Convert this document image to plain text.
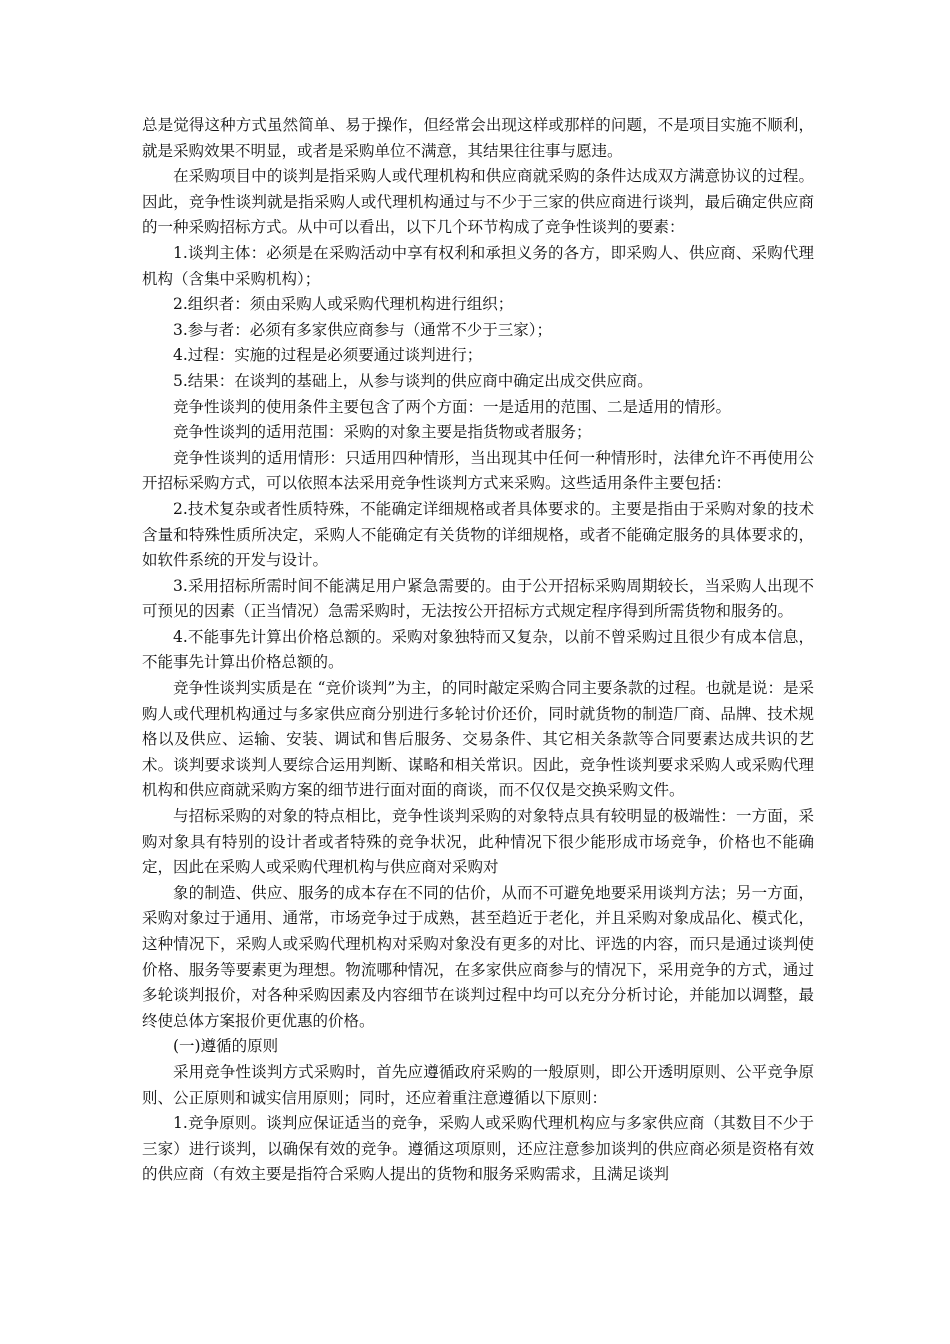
总是觉得这种方式虽然简单、易于操作，但经常会出现这样或那样的问题，不是项目实施不顺利，就是采购效果不明显，或者是采购单位不满意，其结果往往事与愿违。

在采购项目中的谈判是指采购人或代理机构和供应商就采购的条件达成双方满意协议的过程。因此，竞争性谈判就是指采购人或代理机构通过与不少于三家的供应商进行谈判，最后确定供应商的一种采购招标方式。从中可以看出，以下几个环节构成了竞争性谈判的要素：

1.谈判主体：必须是在采购活动中享有权利和承担义务的各方，即采购人、供应商、采购代理机构（含集中采购机构）；

2.组织者：须由采购人或采购代理机构进行组织；

3.参与者：必须有多家供应商参与（通常不少于三家）；

4.过程：实施的过程是必须要通过谈判进行；

5.结果：在谈判的基础上，从参与谈判的供应商中确定出成交供应商。

竞争性谈判的使用条件主要包含了两个方面：一是适用的范围、二是适用的情形。

竞争性谈判的适用范围：采购的对象主要是指货物或者服务；

竞争性谈判的适用情形：只适用四种情形，当出现其中任何一种情形时，法律允许不再使用公开招标采购方式，可以依照本法采用竞争性谈判方式来采购。这些适用条件主要包括：

2.技术复杂或者性质特殊，不能确定详细规格或者具体要求的。主要是指由于采购对象的技术含量和特殊性质所决定，采购人不能确定有关货物的详细规格，或者不能确定服务的具体要求的，如软件系统的开发与设计。

3.采用招标所需时间不能满足用户紧急需要的。由于公开招标采购周期较长，当采购人出现不可预见的因素（正当情况）急需采购时，无法按公开招标方式规定程序得到所需货物和服务的。

4.不能事先计算出价格总额的。采购对象独特而又复杂，以前不曾采购过且很少有成本信息，不能事先计算出价格总额的。

竞争性谈判实质是在 “竞价谈判”为主，的同时敲定采购合同主要条款的过程。也就是说：是采购人或代理机构通过与多家供应商分别进行多轮讨价还价，同时就货物的制造厂商、品牌、技术规格以及供应、运输、安装、调试和售后服务、交易条件、其它相关条款等合同要素达成共识的艺术。谈判要求谈判人要综合运用判断、谋略和相关常识。因此，竞争性谈判要求采购人或采购代理机构和供应商就采购方案的细节进行面对面的商谈，而不仅仅是交换采购文件。

与招标采购的对象的特点相比，竞争性谈判采购的对象特点具有较明显的极端性：一方面，采购对象具有特别的设计者或者特殊的竞争状况，此种情况下很少能形成市场竞争，价格也不能确定，因此在采购人或采购代理机构与供应商对采购对

象的制造、供应、服务的成本存在不同的估价，从而不可避免地要采用谈判方法；另一方面，采购对象过于通用、通常，市场竞争过于成熟，甚至趋近于老化，并且采购对象成品化、模式化，这种情况下，采购人或采购代理机构对采购对象没有更多的对比、评选的内容，而只是通过谈判使价格、服务等要素更为理想。物流哪种情况，在多家供应商参与的情况下，采用竞争的方式，通过多轮谈判报价，对各种采购因素及内容细节在谈判过程中均可以充分分析讨论，并能加以调整，最终使总体方案报价更优惠的价格。

(一)遵循的原则

采用竞争性谈判方式采购时，首先应遵循政府采购的一般原则，即公开透明原则、公平竞争原则、公正原则和诚实信用原则；同时，还应着重注意遵循以下原则：

1.竞争原则。谈判应保证适当的竞争，采购人或采购代理机构应与多家供应商（其数目不少于三家）进行谈判，以确保有效的竞争。遵循这项原则，还应注意参加谈判的供应商必须是资格有效的供应商（有效主要是指符合采购人提出的货物和服务采购需求，且满足谈判
